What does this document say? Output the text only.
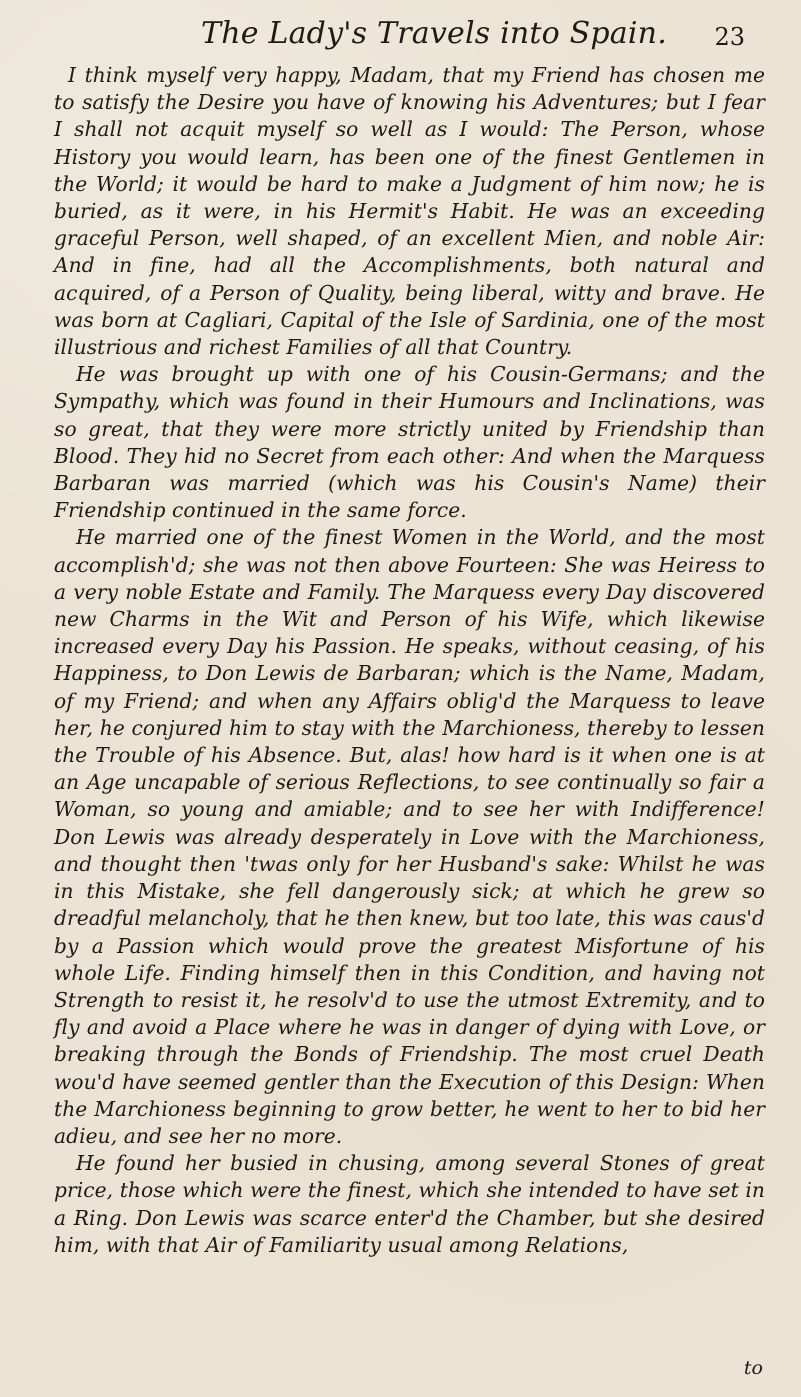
The Lady's Travels into Spain.	23

I think myself very happy, Madam, that my Friend has chosen me to satisfy the Desire you have of knowing his Adventures; but I fear I shall not acquit myself so well as I would: The Person, whose History you would learn, has been one of the finest Gentlemen in the World; it would be hard to make a Judgment of him now; he is buried, as it were, in his Hermit's Habit. He was an exceeding graceful Person, well shaped, of an excellent Mien, and noble Air: And in fine, had all the Accomplishments, both natural and acquired, of a Person of Quality, being liberal, witty and brave. He was born at Cagliari, Capital of the Isle of Sardinia, one of the most illustrious and richest Families of all that Country.

He was brought up with one of his Cousin-Germans; and the Sympathy, which was found in their Humours and Inclinations, was so great, that they were more strictly united by Friendship than Blood. They hid no Secret from each other: And when the Marquess Barbaran was married (which was his Cousin's Name) their Friendship continued in the same force.

He married one of the finest Women in the World, and the most accomplish'd; she was not then above Fourteen: She was Heiress to a very noble Estate and Family. The Marquess every Day discovered new Charms in the Wit and Person of his Wife, which likewise increased every Day his Passion. He speaks, without ceasing, of his Happiness, to Don Lewis de Barbaran; which is the Name, Madam, of my Friend; and when any Affairs oblig'd the Marquess to leave her, he conjured him to stay with the Marchioness, thereby to lessen the Trouble of his Absence. But, alas! how hard is it when one is at an Age uncapable of serious Reflections, to see continually so fair a Woman, so young and amiable; and to see her with Indifference! Don Lewis was already desperately in Love with the Marchioness, and thought then 'twas only for her Husband's sake: Whilst he was in this Mistake, she fell dangerously sick; at which he grew so dreadful melancholy, that he then knew, but too late, this was caus'd by a Passion which would prove the greatest Misfortune of his whole Life. Finding himself then in this Condition, and having not Strength to resist it, he resolv'd to use the utmost Extremity, and to fly and avoid a Place where he was in danger of dying with Love, or breaking through the Bonds of Friendship. The most cruel Death wou'd have seemed gentler than the Execution of this Design: When the Marchioness beginning to grow better, he went to her to bid her adieu, and see her no more.

He found her busied in chusing, among several Stones of great price, those which were the finest, which she intended to have set in a Ring. Don Lewis was scarce enter'd the Chamber, but she desired him, with that Air of Familiarity usual among Relations,

to
